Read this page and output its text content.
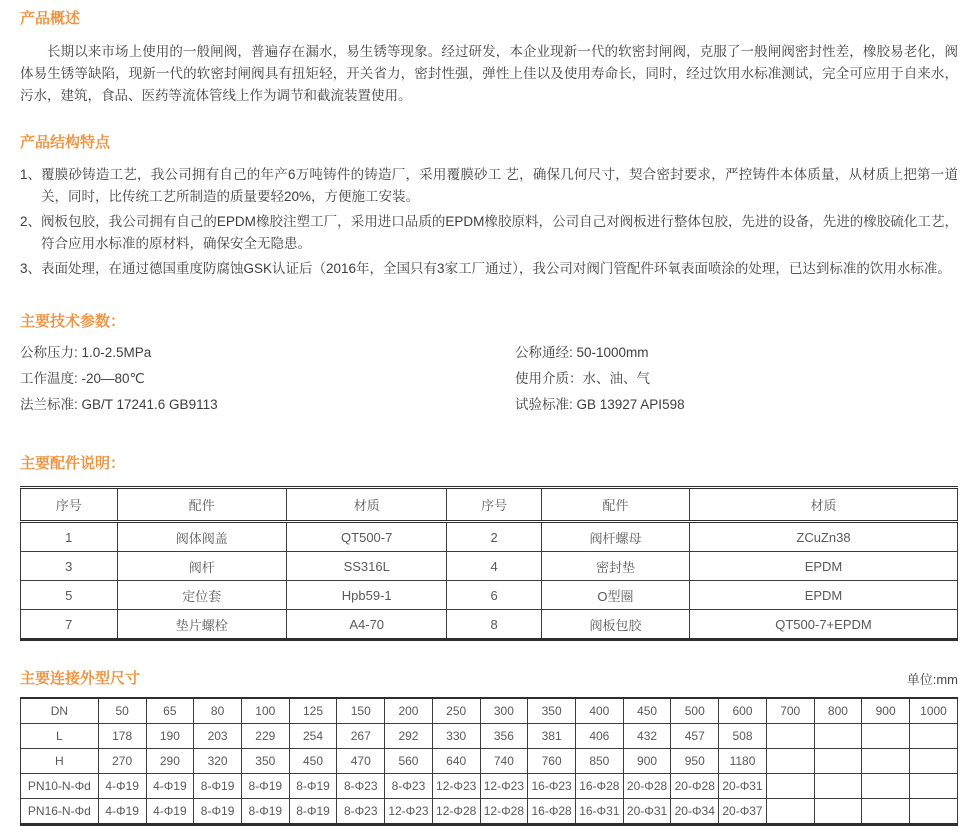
产品概述

长期以来市场上使用的一般闸阀，普遍存在漏水，易生锈等现象。经过研发，本企业现新一代的软密封闸阀，克服了一般闸阀密封性差，橡胶易老化，阀体易生锈等缺陷，现新一代的软密封闸阀具有扭矩轻，开关省力，密封性强，弹性上佳以及使用寿命长，同时，经过饮用水标准测试，完全可应用于自来水，污水，建筑，食品、医药等流体管线上作为调节和截流装置使用。

产品结构特点
1、 覆膜砂铸造工艺，我公司拥有自己的年产6万吨铸件的铸造厂，采用覆膜砂工 艺，确保几何尺寸，契合密封要求，严控铸件本体质量，从材质上把第一道关，同时，比传统工艺所制造的质量要轻20%，方便施工安装。
2、 阀板包胶，我公司拥有自己的EPDM橡胶注塑工厂，采用进口品质的EPDM橡胶原料，公司自己对阀板进行整体包胶，先进的设备，先进的橡胶硫化工艺，符合应用水标准的原材料，确保安全无隐患。
3、 表面处理，在通过德国重度防腐蚀GSK认证后（2016年，全国只有3家工厂通过），我公司对阀门管配件环氧表面喷涂的处理，已达到标准的饮用水标准。
主要技术参数：
公称压力: 1.0-2.5MPa
工作温度: -20—80℃
法兰标准: GB/T 17241.6 GB9113
公称通经: 50-1000mm
使用介质：水、油、气
试验标准: GB 13927 API598
主要配件说明：
序号	配件	材质	序号	配件	材质
1	阀体阀盖	QT500-7	2	阀杆螺母	ZCuZn38
3	阀杆	SS316L	4	密封垫	EPDM
5	定位套	Hpb59-1	6	O型圈	EPDM
7	垫片螺栓	A4-70	8	阀板包胶	QT500-7+EPDM
主要连接外型尺寸	单位:mm
DN	50	65	80	100	125	150	200	250	300	350	400	450	500	600	700	800	900	1000
L	178	190	203	229	254	267	292	330	356	381	406	432	457	508				
H	270	290	320	350	450	470	560	640	740	760	850	900	950	1180				
PN10-N-Φd	4-Φ19	4-Φ19	8-Φ19	8-Φ19	8-Φ19	8-Φ23	8-Φ23	12-Φ23	12-Φ23	16-Φ23	16-Φ28	20-Φ28	20-Φ28	20-Φ31				
PN16-N-Φd	4-Φ19	4-Φ19	8-Φ19	8-Φ19	8-Φ19	8-Φ23	12-Φ23	12-Φ28	12-Φ28	16-Φ28	16-Φ31	20-Φ31	20-Φ34	20-Φ37				
